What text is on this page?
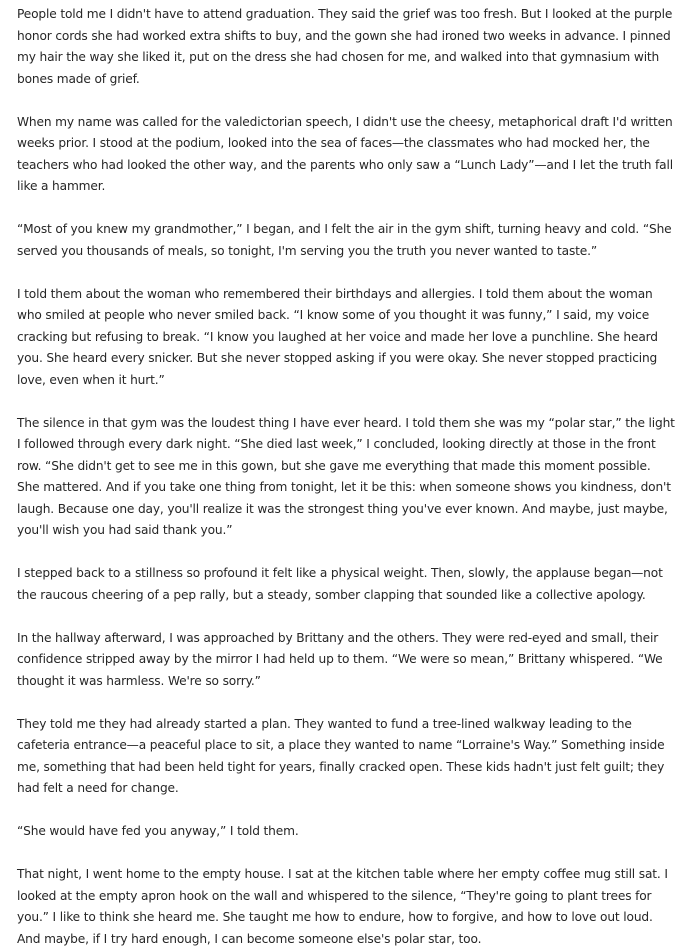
People told me I didn't have to attend graduation. They said the grief was too fresh. But I looked at the purple honor cords she had worked extra shifts to buy, and the gown she had ironed two weeks in advance. I pinned my hair the way she liked it, put on the dress she had chosen for me, and walked into that gymnasium with bones made of grief.

When my name was called for the valedictorian speech, I didn't use the cheesy, metaphorical draft I'd written weeks prior. I stood at the podium, looked into the sea of faces—the classmates who had mocked her, the teachers who had looked the other way, and the parents who only saw a “Lunch Lady”—and I let the truth fall like a hammer.

“Most of you knew my grandmother,” I began, and I felt the air in the gym shift, turning heavy and cold. “She served you thousands of meals, so tonight, I'm serving you the truth you never wanted to taste.”

I told them about the woman who remembered their birthdays and allergies. I told them about the woman who smiled at people who never smiled back. “I know some of you thought it was funny,” I said, my voice cracking but refusing to break. “I know you laughed at her voice and made her love a punchline. She heard you. She heard every snicker. But she never stopped asking if you were okay. She never stopped practicing love, even when it hurt.”

The silence in that gym was the loudest thing I have ever heard. I told them she was my “polar star,” the light I followed through every dark night. “She died last week,” I concluded, looking directly at those in the front row. “She didn't get to see me in this gown, but she gave me everything that made this moment possible. She mattered. And if you take one thing from tonight, let it be this: when someone shows you kindness, don't laugh. Because one day, you'll realize it was the strongest thing you've ever known. And maybe, just maybe, you'll wish you had said thank you.”

I stepped back to a stillness so profound it felt like a physical weight. Then, slowly, the applause began—not the raucous cheering of a pep rally, but a steady, somber clapping that sounded like a collective apology.

In the hallway afterward, I was approached by Brittany and the others. They were red-eyed and small, their confidence stripped away by the mirror I had held up to them. “We were so mean,” Brittany whispered. “We thought it was harmless. We're so sorry.”

They told me they had already started a plan. They wanted to fund a tree-lined walkway leading to the cafeteria entrance—a peaceful place to sit, a place they wanted to name “Lorraine's Way.” Something inside me, something that had been held tight for years, finally cracked open. These kids hadn't just felt guilt; they had felt a need for change.

“She would have fed you anyway,” I told them.

That night, I went home to the empty house. I sat at the kitchen table where her empty coffee mug still sat. I looked at the empty apron hook on the wall and whispered to the silence, “They're going to plant trees for you.” I like to think she heard me. She taught me how to endure, how to forgive, and how to love out loud. And maybe, if I try hard enough, I can become someone else's polar star, too.
